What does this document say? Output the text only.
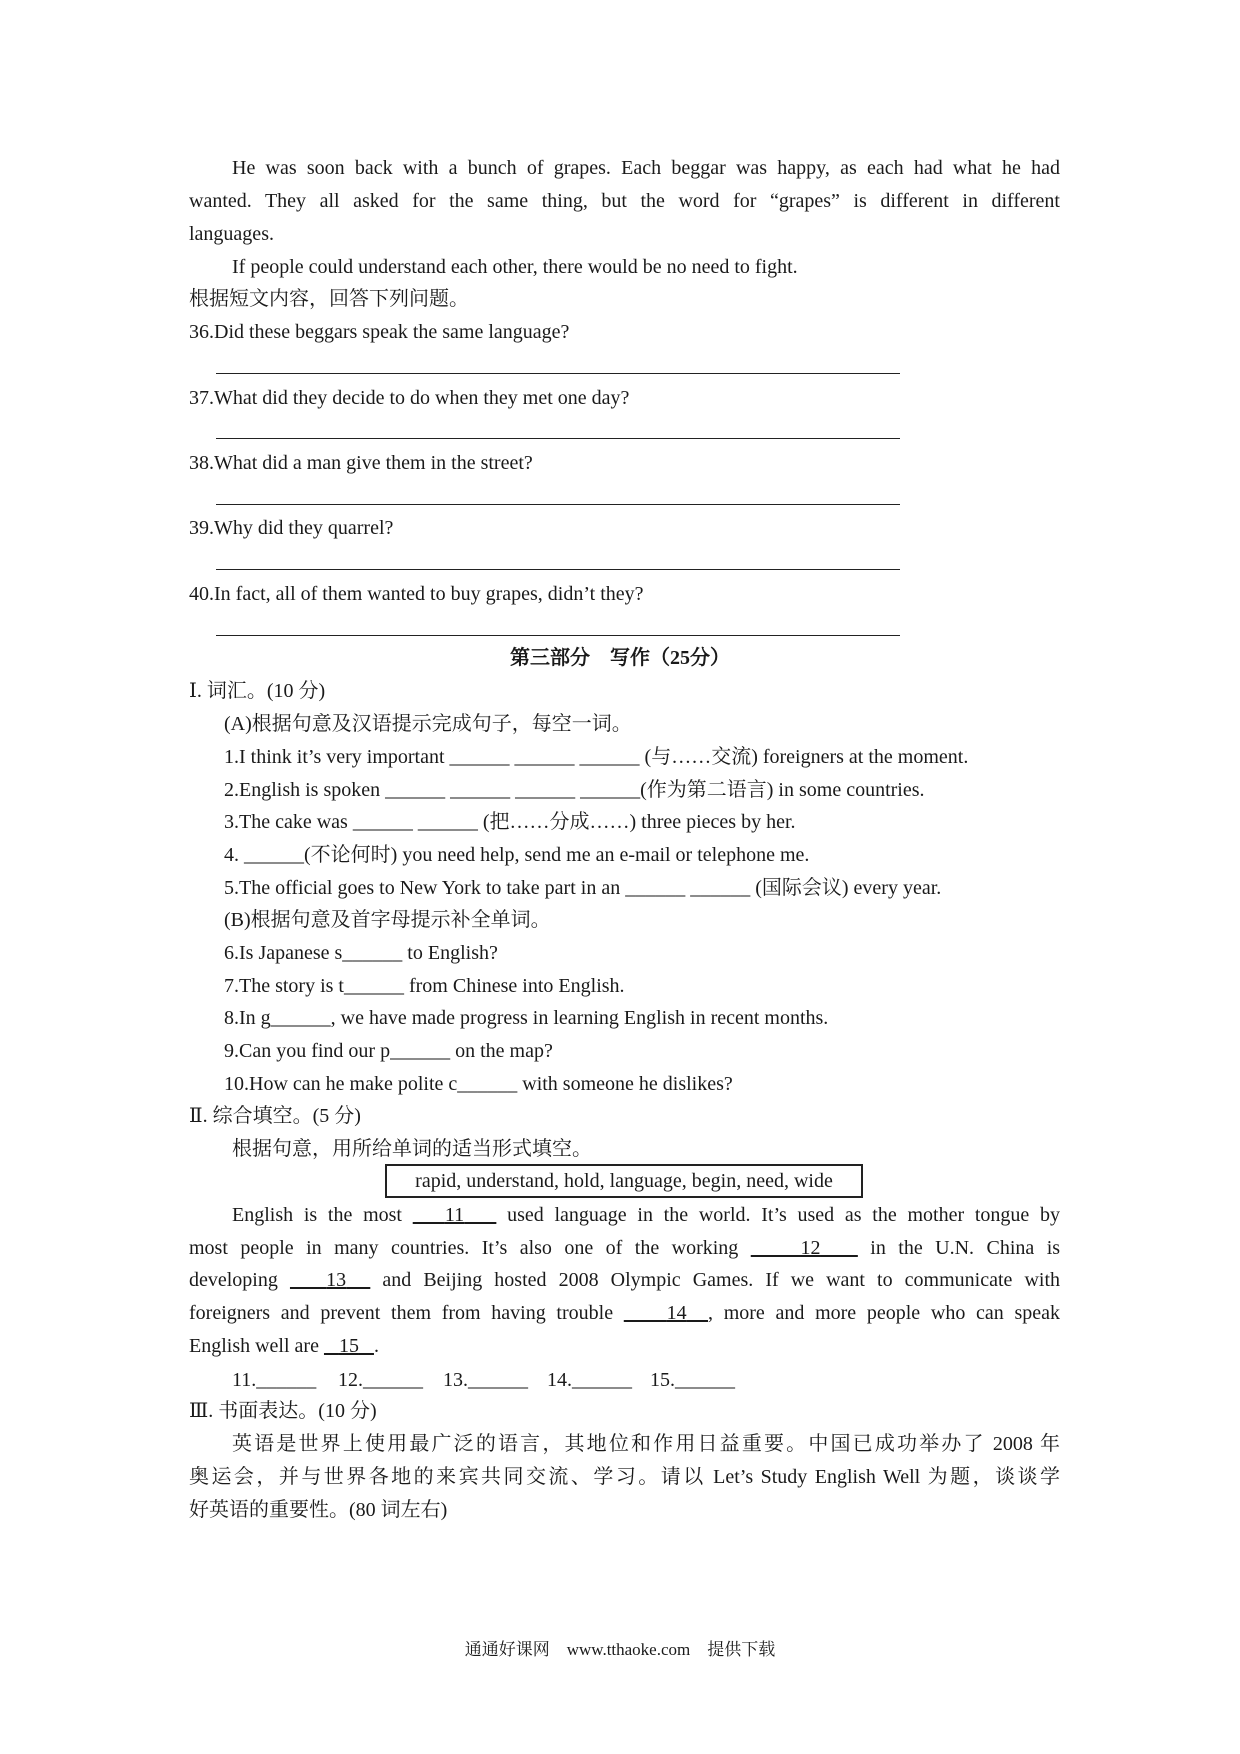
He was soon back with a bunch of grapes. Each beggar was happy, as each had what he had
wanted. They all asked for the same thing, but the word for “grapes” is different in different
languages.
If people could understand each other, there would be no need to fight.
根据短文内容，回答下列问题。
36.Did these beggars speak the same language?
37.What did they decide to do when they met one day?
38.What did a man give them in the street?
39.Why did they quarrel?
40.In fact, all of them wanted to buy grapes, didn’t they?
第三部分　写作（25分）
Ⅰ. 词汇。(10 分)
(A)根据句意及汉语提示完成句子，每空一词。
1.I think it’s very important ______ ______ ______ (与……交流) foreigners at the moment.
2.English is spoken ______ ______ ______ ______(作为第二语言) in some countries.
3.The cake was ______ ______ (把……分成……) three pieces by her.
4. ______(不论何时) you need help, send me an e-mail or telephone me.
5.The official goes to New York to take part in an ______ ______ (国际会议) every year.
(B)根据句意及首字母提示补全单词。
6.Is Japanese s______ to English?
7.The story is t______ from Chinese into English.
8.In g______, we have made progress in learning English in recent months.
9.Can you find our p______ on the map?
10.How can he make polite c______ with someone he dislikes?
Ⅱ. 综合填空。(5 分)
根据句意，用所给单词的适当形式填空。
rapid, understand, hold, language, begin, need, wide
English is the most 11 used language in the world. It’s used as the mother tongue by
most people in many countries. It’s also one of the working	12 in the U.N. China is
developing 13 and Beijing hosted 2008 Olympic Games. If we want to communicate with
foreigners and prevent them from having trouble	14 , more and more people who can speak
English well are 15 .
11.______ 12.______ 13.______ 14.______ 15.______
Ⅲ. 书面表达。(10 分)
英语是世界上使用最广泛的语言，其地位和作用日益重要。中国已成功举办了 2008 年
奥运会，并与世界各地的来宾共同交流、学习。请以 Let’s Study English Well 为题，谈谈学
好英语的重要性。(80 词左右)
通通好课网　www.tthaoke.com　提供下载
